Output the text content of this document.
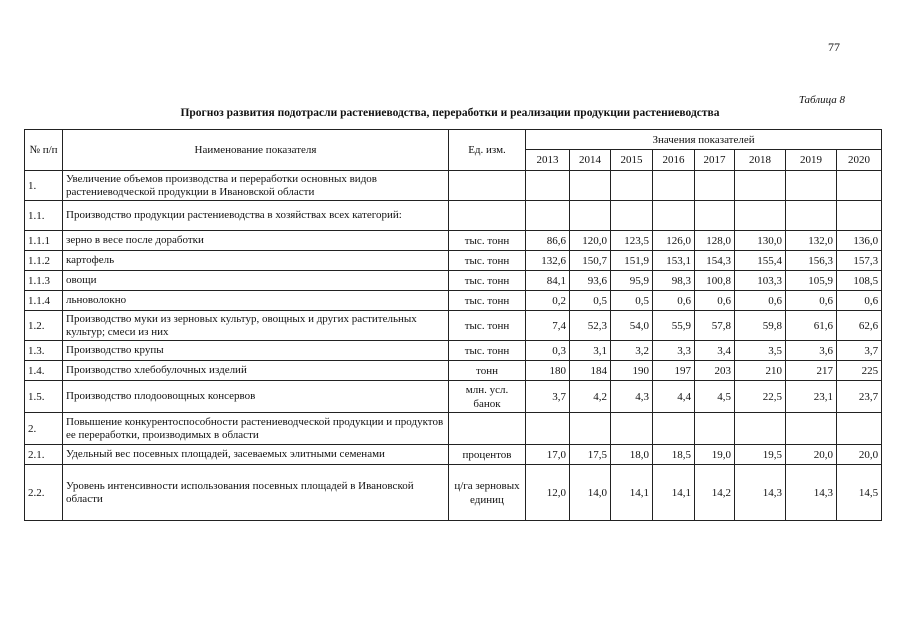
77
Таблица 8
Прогноз развития подотрасли растениеводства, переработки и реализации продукции растениеводства
№ п/п	Наименование показателя	Ед. изм.	Значения показателей							
			2013	2014	2015	2016	2017	2018	2019	2020
1.	Увеличение объемов производства и переработки основных видов растениеводческой продукции в Ивановской области									
1.1.	Производство продукции растениеводства в хозяйствах всех категорий:									
1.1.1	зерно в весе после доработки	тыс. тонн	86,6	120,0	123,5	126,0	128,0	130,0	132,0	136,0
1.1.2	картофель	тыс. тонн	132,6	150,7	151,9	153,1	154,3	155,4	156,3	157,3
1.1.3	овощи	тыс. тонн	84,1	93,6	95,9	98,3	100,8	103,3	105,9	108,5
1.1.4	льноволокно	тыс. тонн	0,2	0,5	0,5	0,6	0,6	0,6	0,6	0,6
1.2.	Производство муки из зерновых культур, овощных и других растительных культур; смеси из них	тыс. тонн	7,4	52,3	54,0	55,9	57,8	59,8	61,6	62,6
1.3.	Производство крупы	тыс. тонн	0,3	3,1	3,2	3,3	3,4	3,5	3,6	3,7
1.4.	Производство хлебобулочных изделий	тонн	180	184	190	197	203	210	217	225
1.5.	Производство плодоовощных консервов	млн. усл. банок	3,7	4,2	4,3	4,4	4,5	22,5	23,1	23,7
2.	Повышение конкурентоспособности растениеводческой продукции и продуктов ее переработки, производимых в области									
2.1.	Удельный вес посевных площадей, засеваемых элитными семенами	процентов	17,0	17,5	18,0	18,5	19,0	19,5	20,0	20,0
2.2.	Уровень интенсивности использования посевных площадей в Ивановской области	ц/га зерновых единиц	12,0	14,0	14,1	14,1	14,2	14,3	14,3	14,5
